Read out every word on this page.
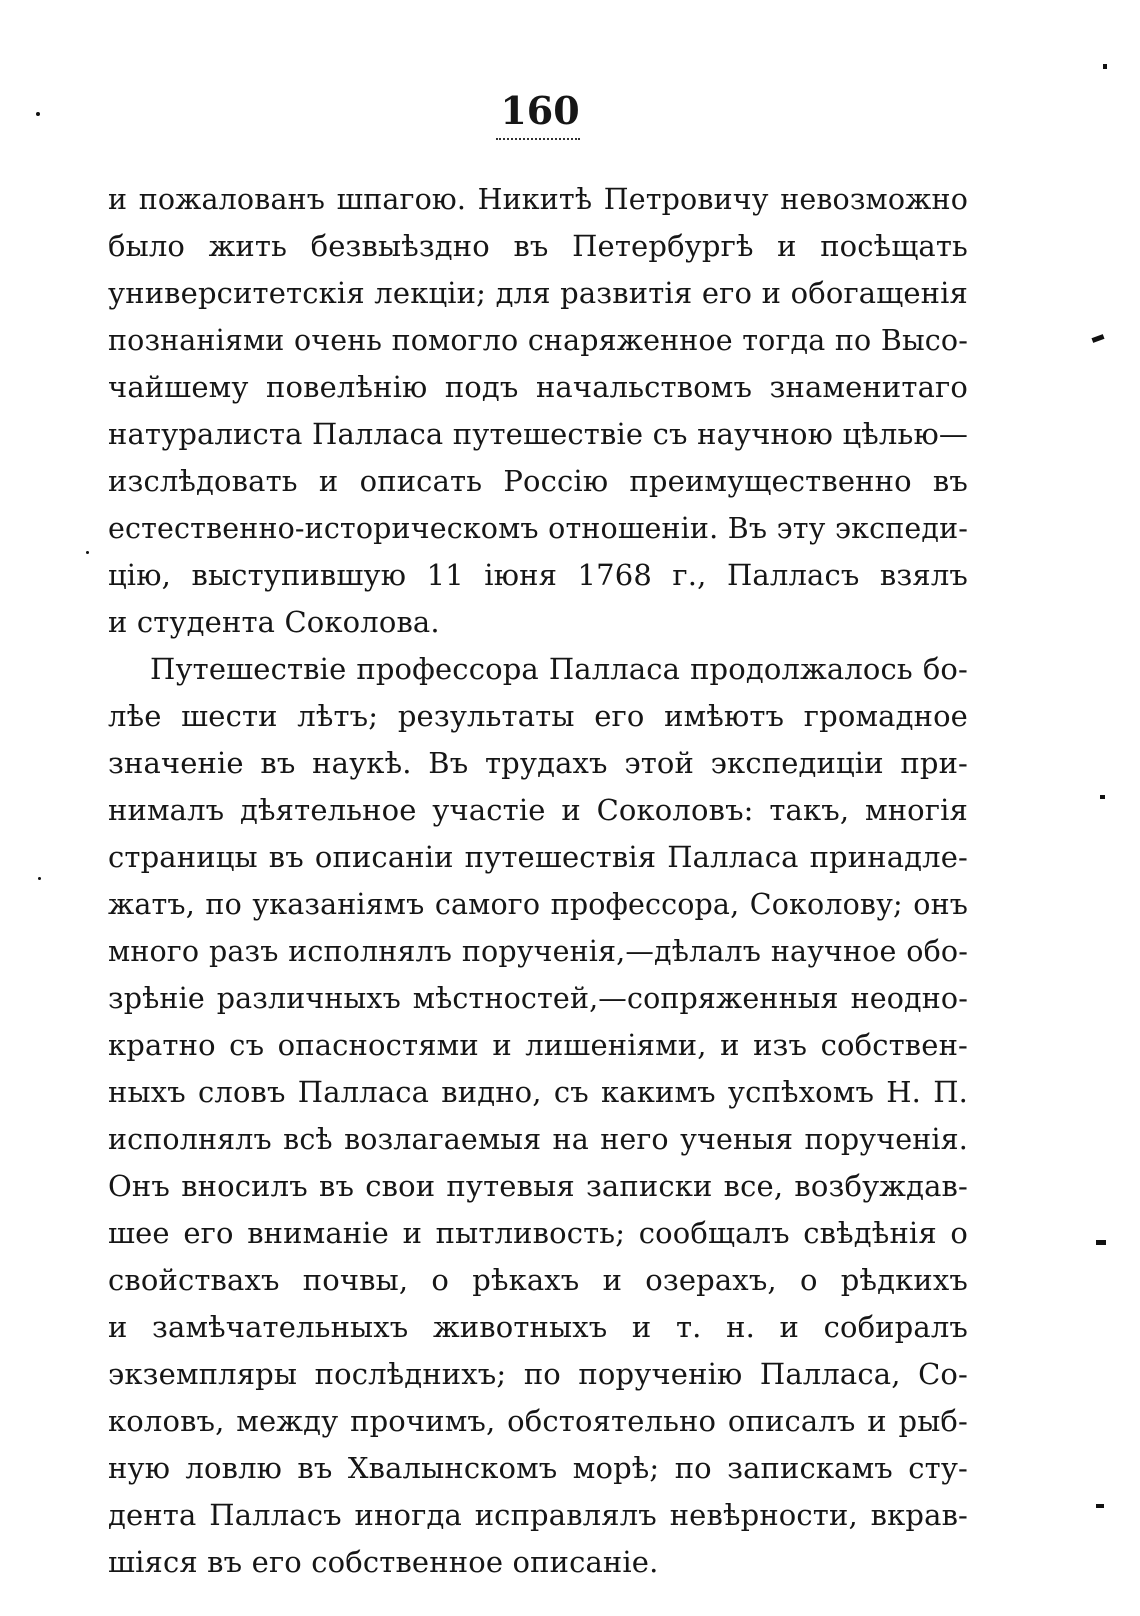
160
и пожалованъ шпагою. Никитѣ Петровичу невозможно
было жить безвыѣздно въ Петербургѣ и посѣщать
университетскія лекціи; для развитія его и обогащенія
познаніями очень помогло снаряженное тогда по Высо-
чайшему повелѣнію подъ начальствомъ знаменитаго
натуралиста Палласа путешествіе съ научною цѣлью—
изслѣдовать и описать Россію преимущественно въ
естественно-историческомъ отношеніи. Въ эту экспеди-
цію, выступившую 11 іюня 1768 г., Палласъ взялъ
и студента Соколова.
Путешествіе профессора Палласа продолжалось бо-
лѣе шести лѣтъ; результаты его имѣютъ громадное
значеніе въ наукѣ. Въ трудахъ этой экспедиціи при-
нималъ дѣятельное участіе и Соколовъ: такъ, многія
страницы въ описаніи путешествія Палласа принадле-
жатъ, по указаніямъ самого профессора, Соколову; онъ
много разъ исполнялъ порученія,—дѣлалъ научное обо-
зрѣніе различныхъ мѣстностей,—сопряженныя неодно-
кратно съ опасностями и лишеніями, и изъ собствен-
ныхъ словъ Палласа видно, съ какимъ успѣхомъ Н. П.
исполнялъ всѣ возлагаемыя на него ученыя порученія.
Онъ вносилъ въ свои путевыя записки все, возбуждав-
шее его вниманіе и пытливость; сообщалъ свѣдѣнія о
свойствахъ почвы, о рѣкахъ и озерахъ, о рѣдкихъ
и замѣчательныхъ животныхъ и т. н. и собиралъ
экземпляры послѣднихъ; по порученію Палласа, Со-
коловъ, между прочимъ, обстоятельно описалъ и рыб-
ную ловлю въ Хвалынскомъ морѣ; по запискамъ сту-
дента Палласъ иногда исправлялъ невѣрности, вкрав-
шіяся въ его собственное описаніе.
